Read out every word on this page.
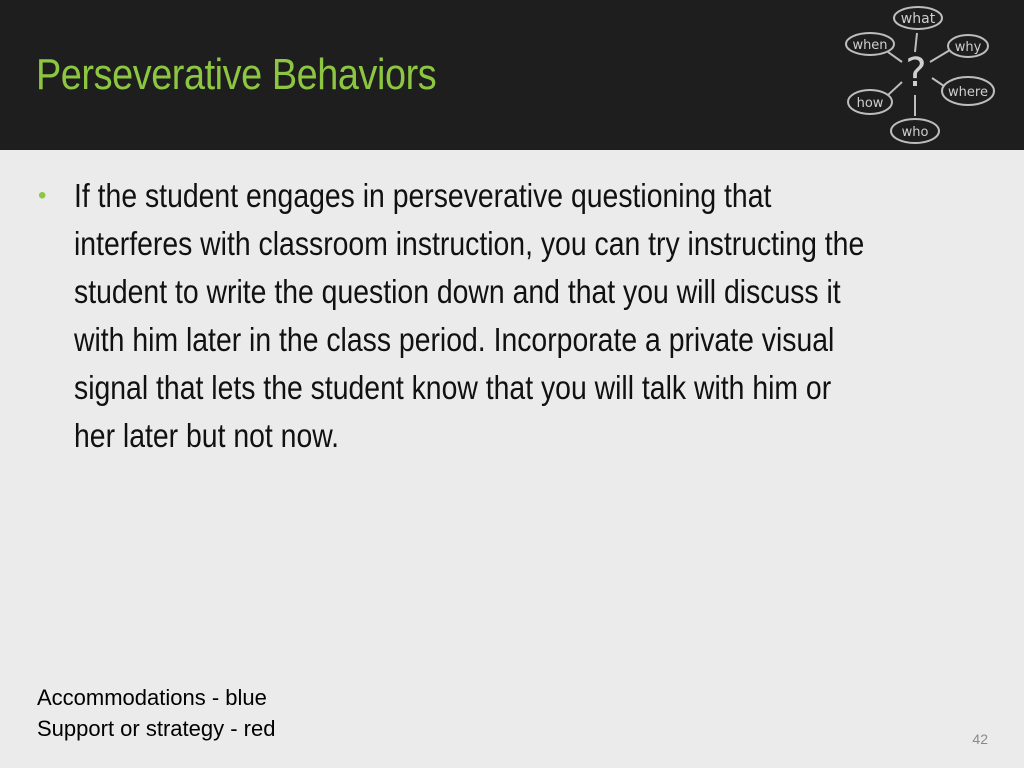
Perseverative Behaviors	?
what
when	why
where
how
who
• If the student engages in perseverative questioning that interferes with classroom instruction, you can try instructing the student to write the question down and that you will discuss it with him later in the class period. Incorporate a private visual signal that lets the student know that you will talk with him or her later but not now.
Accommodations - blue
Support or strategy - red	42
